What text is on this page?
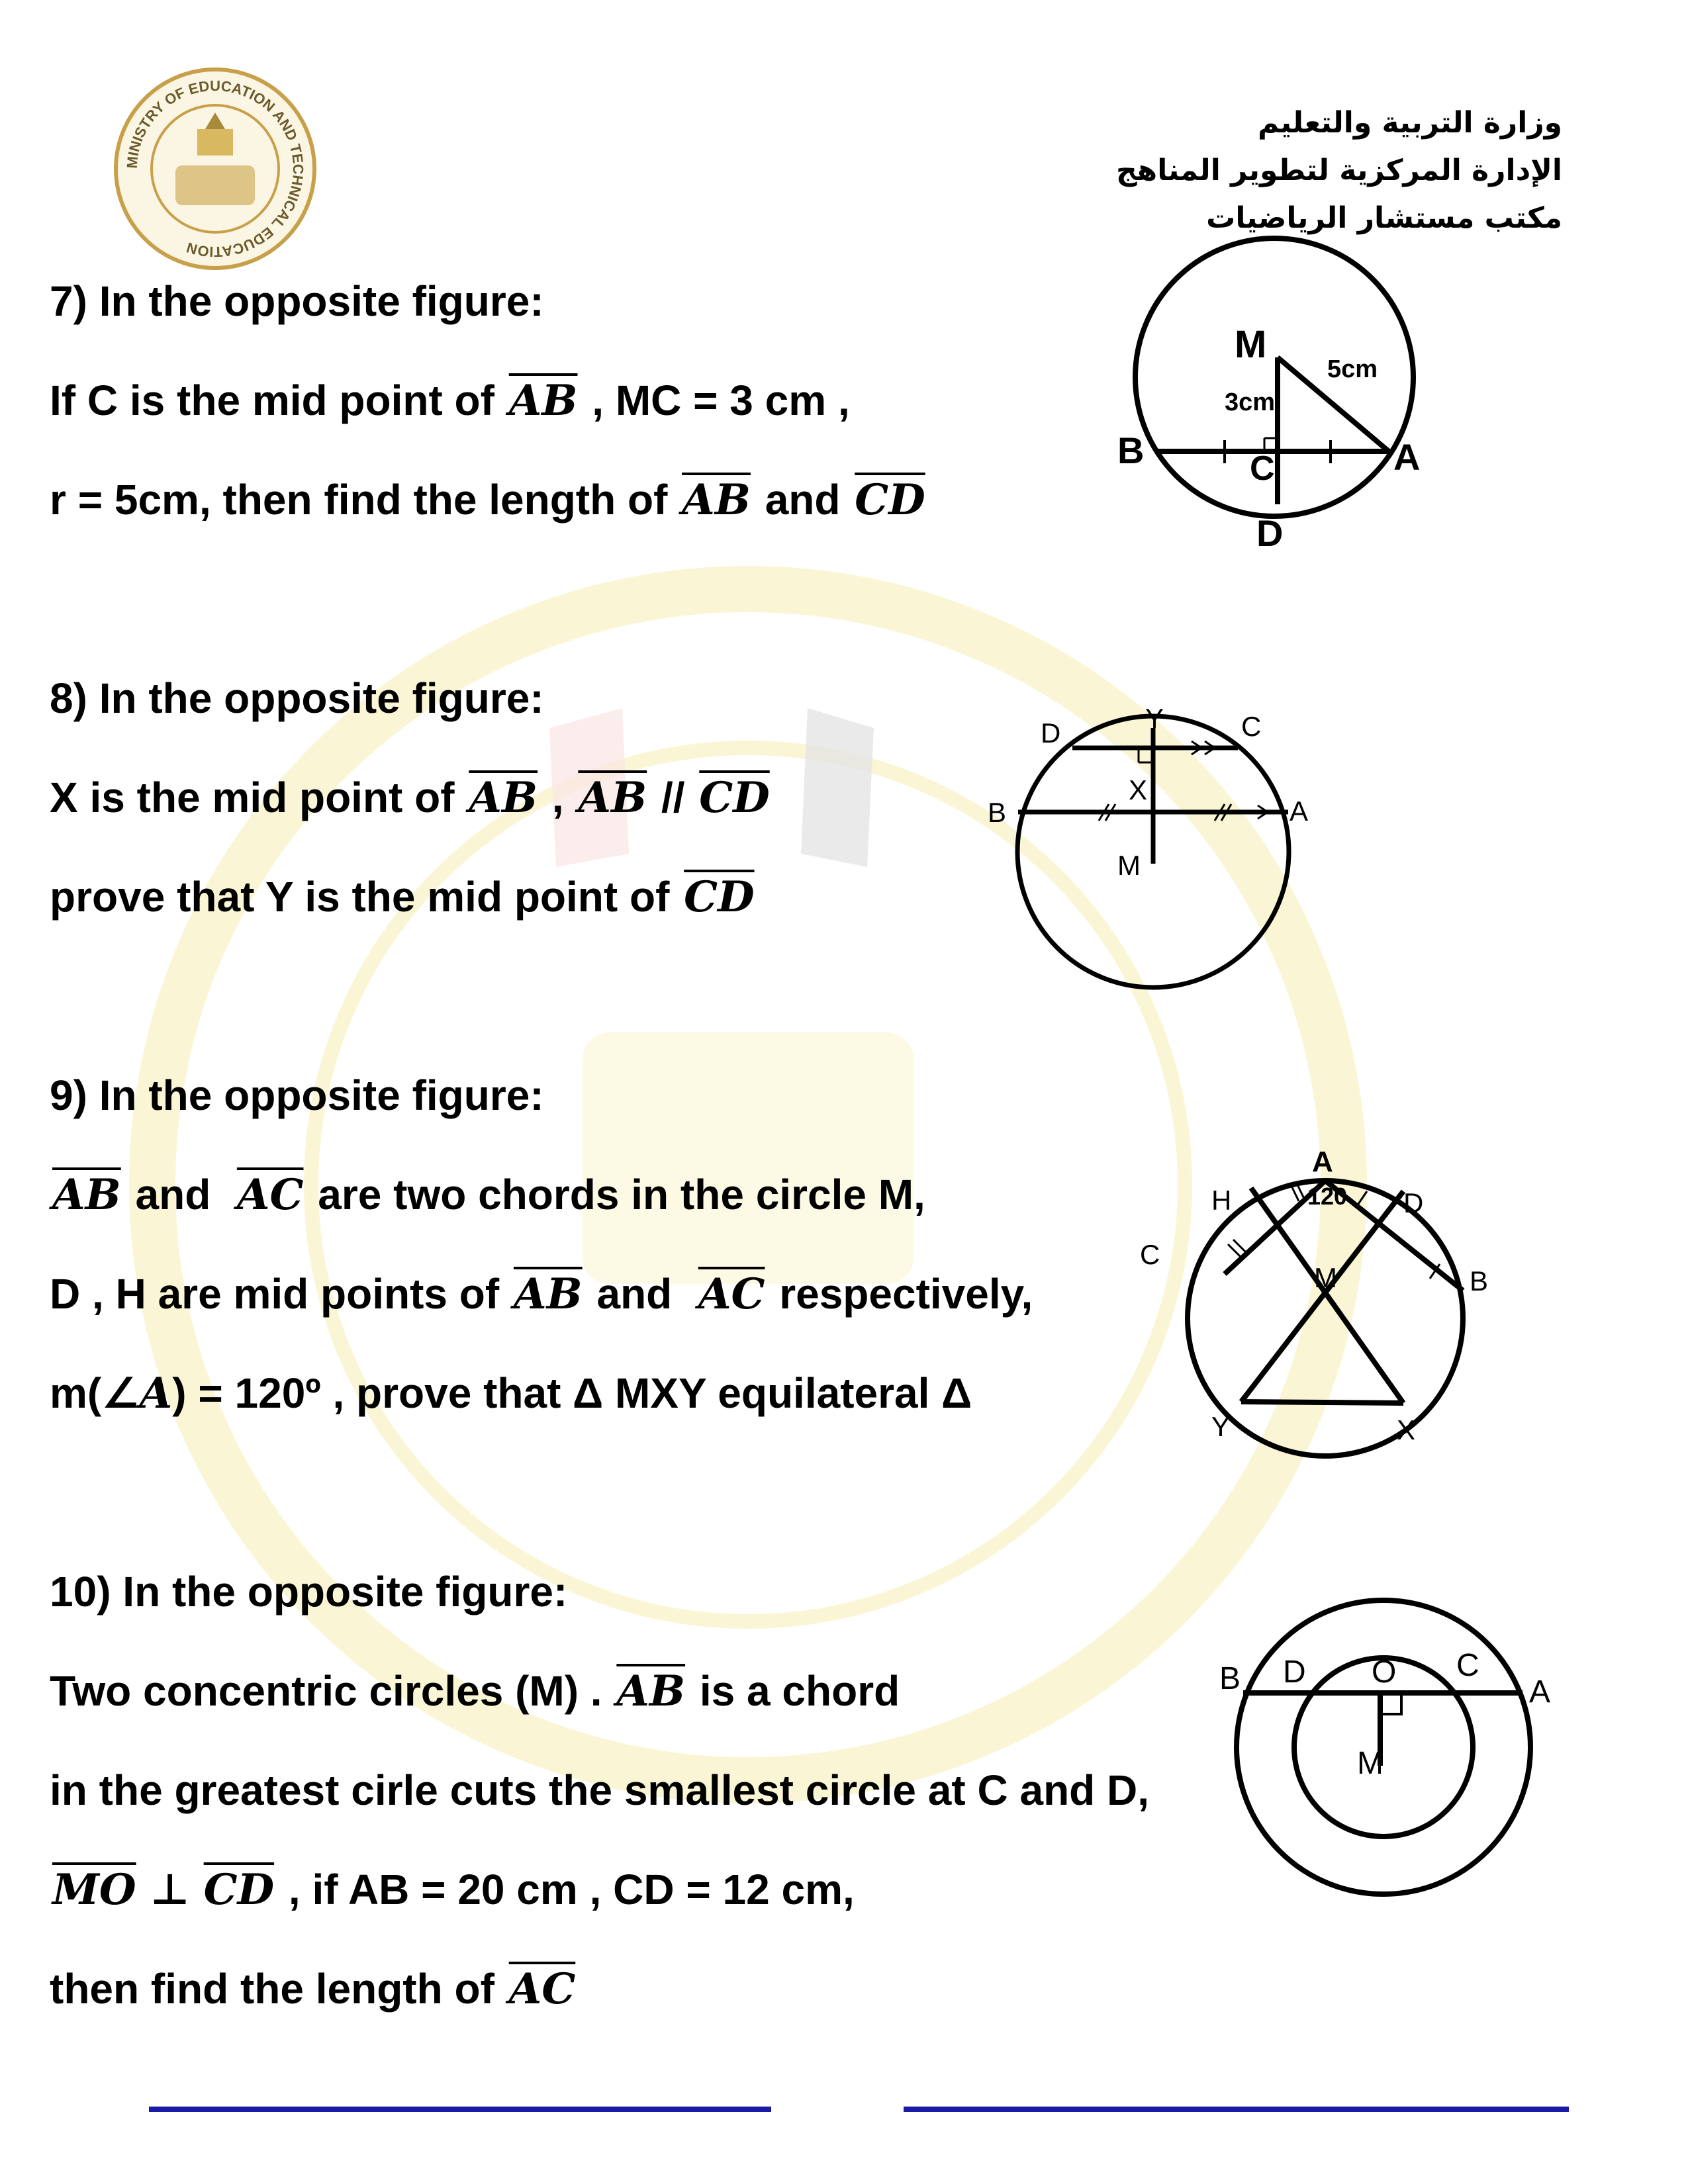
MINISTRY OF EDUCATION AND TECHNICAL EDUCATION
وزارة التربية والتعليم
الإدارة المركزية لتطوير المناهج
مكتب مستشار الرياضيات
7) In the opposite figure:
If C is the mid point of $\overline{AB}$ , MC = 3 cm ,
r = 5cm, then find the length of $\overline{AB}$ and $\overline{CD}$
M
5cm
3cm
B	C	A
D
8) In the opposite figure:
X is the mid point of $\overline{AB}$ , $\overline{AB} // \overline{CD}$
prove that Y is the mid point of $\overline{CD}$
D	Y	C
B
X
A
M
9) In the opposite figure:
$\overline{AB}$ and $\overline{AC}$ are two chords in the circle M,
D , H are mid points of $\overline{AB}$ and $\overline{AC}$ respectively,
m(∠A) = 120º , prove that Δ MXY equilateral Δ
A
120
H	D
C
M	B
Y	X
10) In the opposite figure:
Two concentric circles (M) . $\overline{AB}$ is a chord
in the greatest cirle cuts the smallest circle at C and D,
$\overline{MO}$ ⊥ $\overline{CD}$ , if AB = 20 cm , CD = 12 cm,
then find the length of $\overline{AC}$
B D O C
A
M
